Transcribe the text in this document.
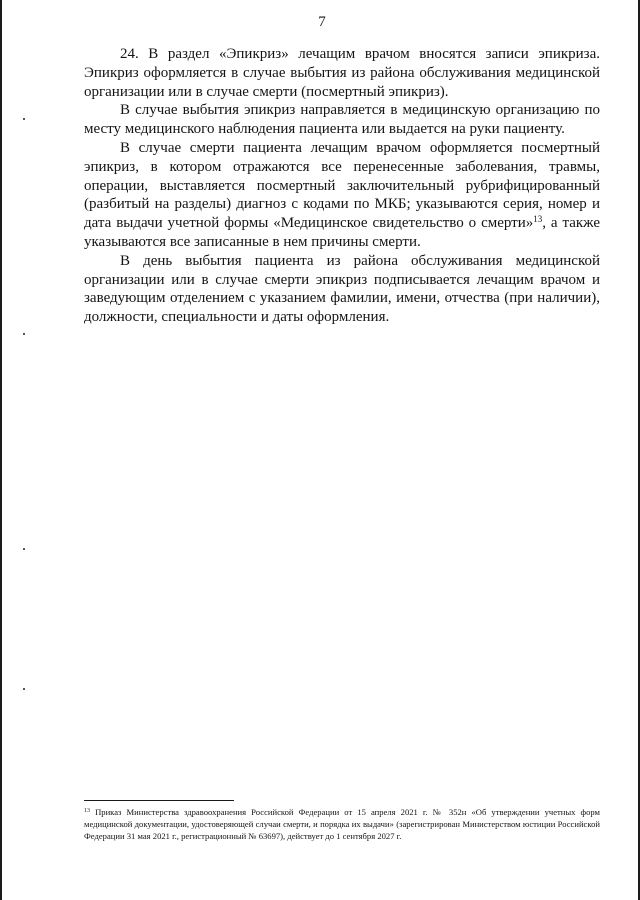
7

24. В раздел «Эпикриз» лечащим врачом вносятся записи эпикриза. Эпикриз оформляется в случае выбытия из района обслуживания медицинской организации или в случае смерти (посмертный эпикриз).

В случае выбытия эпикриз направляется в медицинскую организацию по месту медицинского наблюдения пациента или выдается на руки пациенту.

В случае смерти пациента лечащим врачом оформляется посмертный эпикриз, в котором отражаются все перенесенные заболевания, травмы, операции, выставляется посмертный заключительный рубрифицированный (разбитый на разделы) диагноз с кодами по МКБ; указываются серия, номер и дата выдачи учетной формы «Медицинское свидетельство о смерти»$^{13}$, а также указываются все записанные в нем причины смерти.

В день выбытия пациента из района обслуживания медицинской организации или в случае смерти эпикриз подписывается лечащим врачом и заведующим отделением с указанием фамилии, имени, отчества (при наличии), должности, специальности и даты оформления.

$^{13}$ Приказ Министерства здравоохранения Российской Федерации от 15 апреля 2021 г. № 352н «Об утверждении учетных форм медицинской документации, удостоверяющей случаи смерти, и порядка их выдачи» (зарегистрирован Министерством юстиции Российской Федерации 31 мая 2021 г., регистрационный № 63697), действует до 1 сентября 2027 г.
